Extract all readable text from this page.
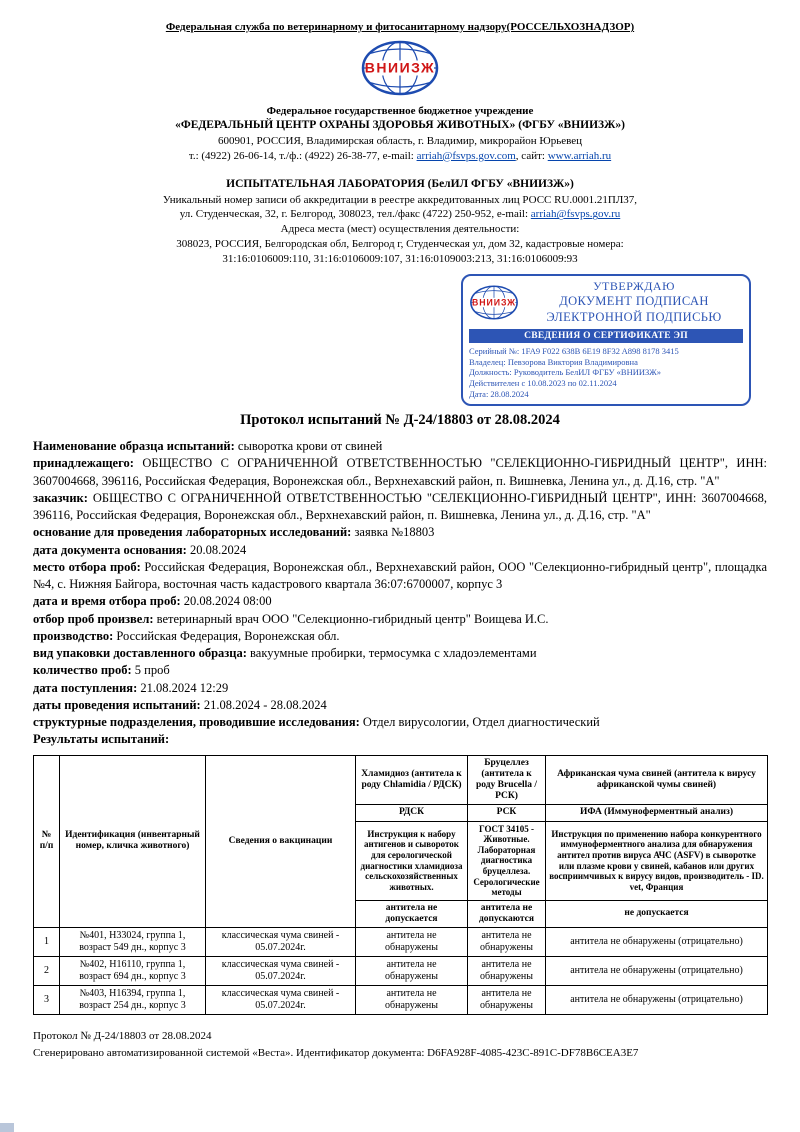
Федеральная служба по ветеринарному и фитосанитарному надзору(РОССЕЛЬХОЗНАДЗОР)
Федеральное государственное бюджетное учреждение
«ФЕДЕРАЛЬНЫЙ ЦЕНТР ОХРАНЫ ЗДОРОВЬЯ ЖИВОТНЫХ» (ФГБУ «ВНИИЗЖ»)
600901, РОССИЯ, Владимирская область, г. Владимир, микрорайон Юрьевец
т.: (4922) 26-06-14, т./ф.: (4922) 26-38-77, e-mail: arriah@fsvps.gov.com, сайт: www.arriah.ru
ИСПЫТАТЕЛЬНАЯ ЛАБОРАТОРИЯ (БелИЛ ФГБУ «ВНИИЗЖ»)
Уникальный номер записи об аккредитации в реестре аккредитованных лиц РОСС RU.0001.21ПЛ37,
ул. Студенческая, 32, г. Белгород, 308023, тел./факс (4722) 250-952, e-mail: arriah@fsvps.gov.ru
Адреса места (мест) осуществления деятельности:
308023, РОССИЯ, Белгородская обл, Белгород г, Студенческая ул, дом 32, кадастровые номера:
31:16:0106009:110, 31:16:0106009:107, 31:16:0109003:213, 31:16:0106009:93
УТВЕРЖДАЮ
ДОКУМЕНТ ПОДПИСАН
ЭЛЕКТРОННОЙ ПОДПИСЬЮ
СВЕДЕНИЯ О СЕРТИФИКАТЕ ЭП
Серийный №: 1FA9 F022 638B 6E19 8F32 A898 8178 3415
Владелец: Певзорова Виктория Владимировна
Должность: Руководитель БелИЛ ФГБУ «ВНИИЗЖ»
Действителен с 10.08.2023 по 02.11.2024
Дата: 28.08.2024
Протокол испытаний № Д-24/18803 от 28.08.2024
Наименование образца испытаний: сыворотка крови от свиней
принадлежащего: ОБЩЕСТВО С ОГРАНИЧЕННОЙ ОТВЕТСТВЕННОСТЬЮ "СЕЛЕКЦИОННО-ГИБРИДНЫЙ ЦЕНТР", ИНН: 3607004668, 396116, Российская Федерация, Воронежская обл., Верхнехавский район, п. Вишневка, Ленина ул., д. Д.16, стр. "А"
заказчик: ОБЩЕСТВО С ОГРАНИЧЕННОЙ ОТВЕТСТВЕННОСТЬЮ "СЕЛЕКЦИОННО-ГИБРИДНЫЙ ЦЕНТР", ИНН: 3607004668, 396116, Российская Федерация, Воронежская обл., Верхнехавский район, п. Вишневка, Ленина ул., д. Д.16, стр. "А"
основание для проведения лабораторных исследований: заявка №18803
дата документа основания: 20.08.2024
место отбора проб: Российская Федерация, Воронежская обл., Верхнехавский район, ООО "Селекционно-гибридный центр", площадка №4, с. Нижняя Байгора, восточная часть кадастрового квартала 36:07:6700007, корпус 3
дата и время отбора проб: 20.08.2024 08:00
отбор проб произвел: ветеринарный врач ООО "Селекционно-гибридный центр" Воищева И.С.
производство: Российская Федерация, Воронежская обл.
вид упаковки доставленного образца: вакуумные пробирки, термосумка с хладоэлементами
количество проб: 5 проб
дата поступления: 21.08.2024 12:29
даты проведения испытаний: 21.08.2024 - 28.08.2024
структурные подразделения, проводившие исследования: Отдел вирусологии, Отдел диагностический
Результаты испытаний:
№ п/п	Идентификация (инвентарный номер, кличка животного)	Сведения о вакцинации	Хламидиоз (антитела к роду Chlamidia / РДСК)	Бруцеллез (антитела к роду Brucella / РСК)	Африканская чума свиней (антитела к вирусу африканской чумы свиней)
			РДСК	РСК	ИФА (Иммуноферментный анализ)
			Инструкция к набору антигенов и сывороток для серологической диагностики хламидиоза сельскохозяйственных животных.	ГОСТ 34105 - Животные. Лабораторная диагностика бруцеллеза. Серологические методы	Инструкция по применению набора конкурентного иммуноферментного анализа для обнаружения антител против вируса АЧС (ASFV) в сыворотке или плазме крови у свиней, кабанов или других восприимчивых к вирусу видов, производитель - ID. vet, Франция
			антитела не допускается	антитела не допускаются	не допускается
1	№401, Н33024, группа 1, возраст 549 дн., корпус 3	классическая чума свиней - 05.07.2024г.	антитела не обнаружены	антитела не обнаружены	антитела не обнаружены (отрицательно)
2	№402, Н16110, группа 1, возраст 694 дн., корпус 3	классическая чума свиней - 05.07.2024г.	антитела не обнаружены	антитела не обнаружены	антитела не обнаружены (отрицательно)
3	№403, Н16394, группа 1, возраст 254 дн., корпус 3	классическая чума свиней - 05.07.2024г.	антитела не обнаружены	антитела не обнаружены	антитела не обнаружены (отрицательно)
Протокол № Д-24/18803 от 28.08.2024
Сгенерировано автоматизированной системой «Веста». Идентификатор документа: D6FA928F-4085-423C-891C-DF78B6CEA3E7
